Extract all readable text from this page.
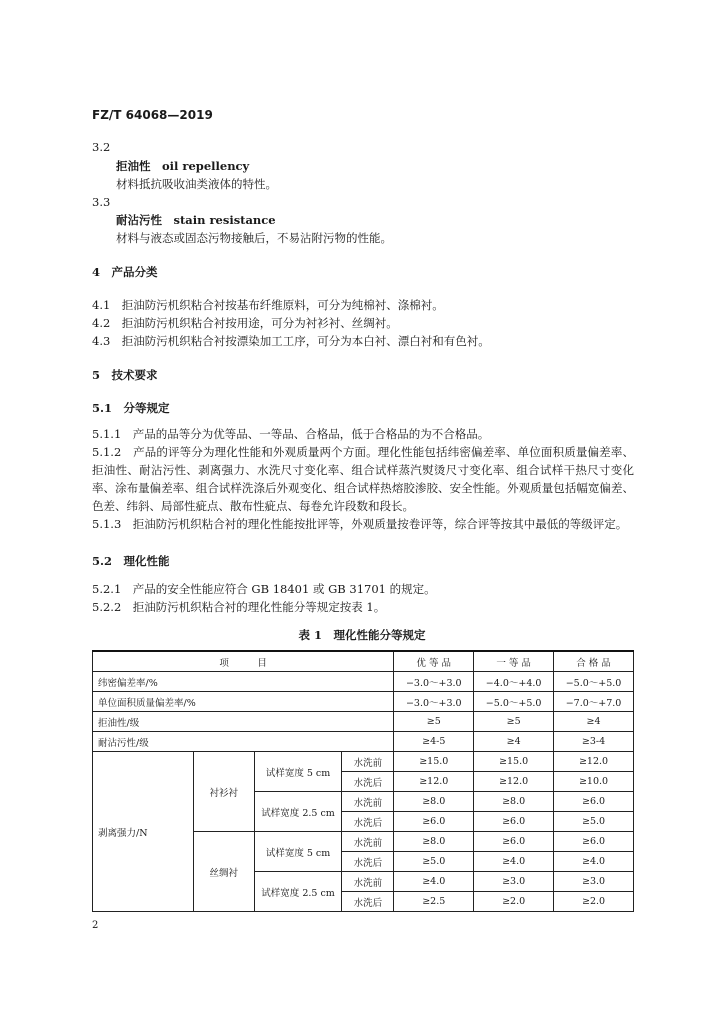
FZ/T 64068—2019
3.2
拒油性　oil repellency
材料抵抗吸收油类液体的特性。
3.3
耐沾污性　stain resistance
材料与液态或固态污物接触后，不易沾附污物的性能。
4　产品分类
4.1　拒油防污机织粘合衬按基布纤维原料，可分为纯棉衬、涤棉衬。
4.2　拒油防污机织粘合衬按用途，可分为衬衫衬、丝绸衬。
4.3　拒油防污机织粘合衬按漂染加工工序，可分为本白衬、漂白衬和有色衬。
5　技术要求
5.1　分等规定
5.1.1　产品的品等分为优等品、一等品、合格品，低于合格品的为不合格品。
5.1.2　产品的评等分为理化性能和外观质量两个方面。理化性能包括纬密偏差率、单位面积质量偏差率、拒油性、耐沾污性、剥离强力、水洗尺寸变化率、组合试样蒸汽熨烫尺寸变化率、组合试样干热尺寸变化率、涂布量偏差率、组合试样洗涤后外观变化、组合试样热熔胶渗胶、安全性能。外观质量包括幅宽偏差、色差、纬斜、局部性疵点、散布性疵点、每卷允许段数和段长。
5.1.3　拒油防污机织粘合衬的理化性能按批评等，外观质量按卷评等，综合评等按其中最低的等级评定。
5.2　理化性能
5.2.1　产品的安全性能应符合 GB 18401 或 GB 31701 的规定。
5.2.2　拒油防污机织粘合衬的理化性能分等规定按表 1。
表 1　理化性能分等规定
项　　　目				优 等 品	一 等 品	合 格 品
纬密偏差率/%				−3.0～+3.0	−4.0～+4.0	−5.0～+5.0
单位面积质量偏差率/%				−3.0～+3.0	−5.0～+5.0	−7.0～+7.0
拒油性/级				≥5	≥5	≥4
耐沾污性/级				≥4-5	≥4	≥3-4
剥离强力/N	衬衫衬	试样宽度 5 cm	水洗前	≥15.0	≥15.0	≥12.0
			水洗后	≥12.0	≥12.0	≥10.0
		试样宽度 2.5 cm	水洗前	≥8.0	≥8.0	≥6.0
			水洗后	≥6.0	≥6.0	≥5.0
	丝绸衬	试样宽度 5 cm	水洗前	≥8.0	≥6.0	≥6.0
			水洗后	≥5.0	≥4.0	≥4.0
		试样宽度 2.5 cm	水洗前	≥4.0	≥3.0	≥3.0
			水洗后	≥2.5	≥2.0	≥2.0
2
